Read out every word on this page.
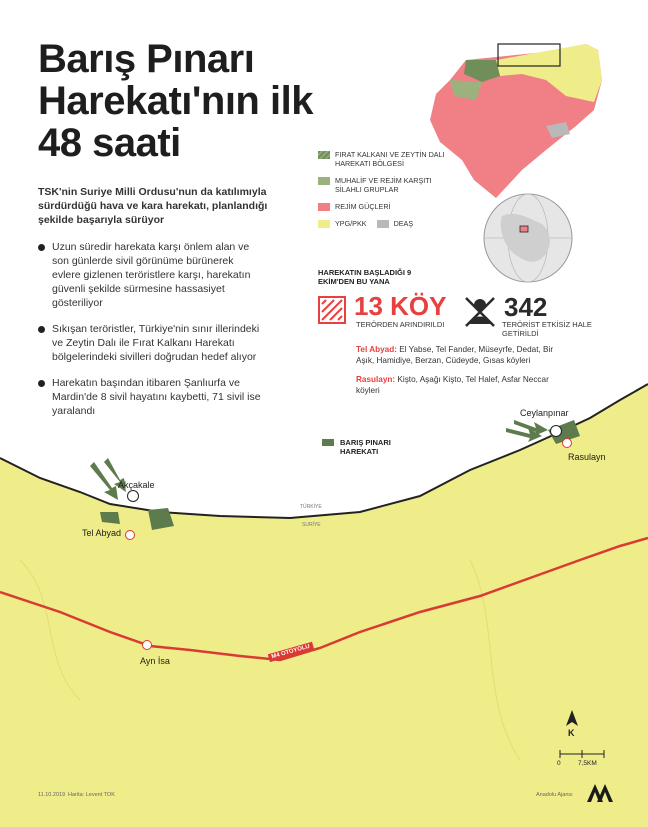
Barış Pınarı
Harekatı'nın ilk
48 saati
TSK'nin Suriye Milli Ordusu'nun da katılımıyla sürdürdüğü hava ve kara harekatı, planlandığı şekilde başarıyla sürüyor
Uzun süredir harekata karşı önlem alan ve son günlerde sivil görünüme bürünerek evlere gizlenen teröristlere karşı, harekatın güvenli şekilde sürmesine hassasiyet gösteriliyor
Sıkışan teröristler, Türkiye'nin sınır illerindeki ve Zeytin Dalı ile Fırat Kalkanı Harekatı bölgelerindeki sivilleri doğrudan hedef alıyor
Harekatın başından itibaren Şanlıurfa ve Mardin'de 8 sivil hayatını kaybetti, 71 sivil ise yaralandı
FIRAT KALKANI VE ZEYTİN DALI HAREKATI BÖLGESİ
MUHALİF VE REJİM KARŞITI SİLAHLI GRUPLAR
REJİM GÜÇLERİ
YPG/PKK	DEAŞ
HAREKATIN BAŞLADIĞI 9 EKİM'DEN BU YANA
13 KÖY
TERÖRDEN ARINDIRILDI
342
TERÖRİST ETKİSİZ HALE GETİRİLDİ
Tel Abyad: El Yabse, Tel Fander, Müseyrfe, Dedat, Bir Aşık, Hamidiye, Berzan, Cüdeyde, Gısas köyleri
Rasulayn: Kişto, Aşağı Kişto, Tel Halef, Asfar Neccar köyleri
BARIŞ PINARI HAREKATI
Akçakale
Tel Abyad
Ceylanpınar
Rasulayn
Ayn İsa
TÜRKİYE
SURİYE
M4 OTOYOLU
K
0	7,5KM
11.10.2019 Harita: Levent TOK	Anadolu Ajansı
